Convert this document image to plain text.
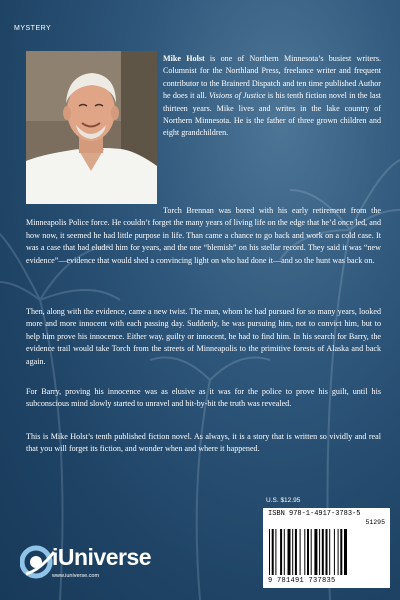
MYSTERY

Mike Holst is one of Northern Minnesota’s busiest writers. Columnist for the Northland Press, freelance writer and frequent contributor to the Brainerd Dispatch and ten time published Author he does it all. Visions of Justice is his tenth fiction novel in the last thirteen years. Mike lives and writes in the lake country of Northern Minnesota. He is the father of three grown children and eight grandchildren.

Torch Brennan was bored with his early retirement from the Minneapolis Police force. He couldn’t forget the many years of living life on the edge that he’d once led, and how now, it seemed he had little purpose in life. Than came a chance to go back and work on a cold case. It was a case that had eluded him for years, and the one “blemish” on his stellar record. They said it was “new evidence”—evidence that would shed a convincing light on who had done it—and so the hunt was back on.

Then, along with the evidence, came a new twist. The man, whom he had pursued for so many years, looked more and more innocent with each passing day. Suddenly, he was pursuing him, not to convict him, but to help him prove his innocence. Either way, guilty or innocent, he had to find him. In his search for Barry, the evidence trail would take Torch from the streets of Minneapolis to the primitive forests of Alaska and back again.

For Barry, proving his innocence was as elusive as it was for the police to prove his guilt, until his subconscious mind slowly started to unravel and bit-by-bit the truth was revealed.

This is Mike Holst’s tenth published fiction novel. As always, it is a story that is written so vividly and real that you will forget its fiction, and wonder when and where it happened.

U.S. $12.95
ISBN 978-1-4917-3783-5
51295
9 781491 737835
iUniverse
www.iuniverse.com
